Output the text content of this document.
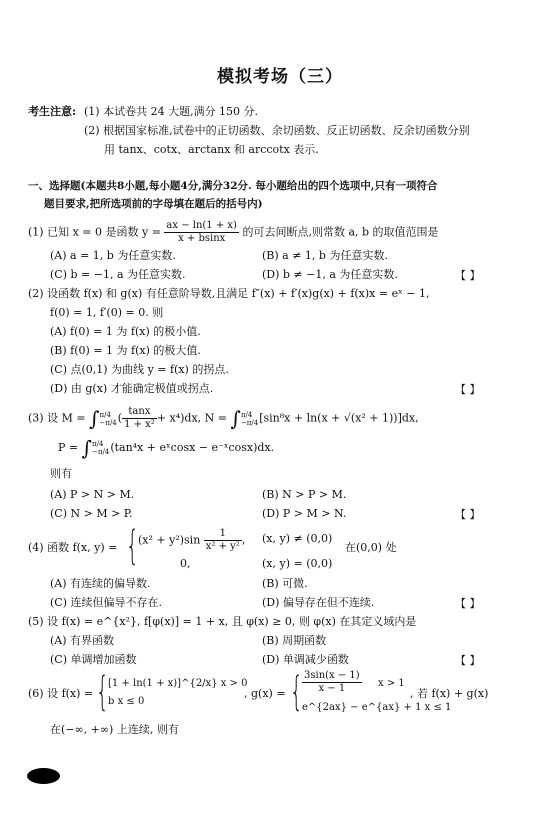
模拟考场（三）
考生注意: (1) 本试卷共 24 大题,满分 150 分.
(2) 根据国家标准,试卷中的正切函数、余切函数、反正切函数、反余切函数分别
用 tanx、cotx、arctanx 和 arccotx 表示.
一、选择题(本题共8小题,每小题4分,满分32分. 每小题给出的四个选项中,只有一项符合
题目要求,把所选项前的字母填在题后的括号内)
(1) 已知 x = 0 是函数 $y = \frac{ax - \ln(1 + x)}{x + bsinx}$ 的可去间断点,则常数 a, b 的取值范围是
(A) a = 1, b 为任意实数.	(B) a ≠ 1, b 为任意实数.
(C) b = −1, a 为任意实数.	(D) b ≠ −1, a 为任意实数.	【 】
(2) 设函数 f(x) 和 g(x) 有任意阶导数,且满足 f″(x) + f′(x)g(x) + f(x)x = eˣ − 1,
f(0) = 1, f′(0) = 0. 则
(A) f(0) = 1 为 f(x) 的极小值.
(B) f(0) = 1 为 f(x) 的极大值.
(C) 点(0,1) 为曲线 y = f(x) 的拐点.
(D) 由 g(x) 才能确定极值或拐点.	【 】
(3) 设 M = ∫π/4
$-\pi/4( \frac{\tan x}{\text{1 + x²}} + x^4)dx$, N = ∫π/4
−π/4[sin⁸x + ln(x + √(x² + 1))]dx,
P = ∫π/4
−π/4(tan⁴x + eˣcosx − e⁻ˣcosx)dx.
则有
(A) P > N > M.	(B) N > P > M.
(C) N > M > P.	(D) P > M > N.	【 】
(4) 函数 f(x, y) = { $(x^2 + y^2)\sin \frac{1}{\text{x² + y²}}$ , (x, y) ≠ (0,0)
0,	(x, y) = (0,0)
在(0,0) 处
(A) 有连续的偏导数.	(B) 可微.
(C) 连续但偏导不存在.	(D) 偏导存在但不连续.	【 】
(5) 设 f(x) = e^{x²}, f[φ(x)] = 1 + x, 且 φ(x) ≥ 0, 则 φ(x) 在其定义域内是
(A) 有界函数	(B) 周期函数
(C) 单调增加函数	(D) 单调减少函数	【 】
(6) 设 f(x) = { [1 + ln(1 + x)]^{2/x} x > 0
b x ≤ 0
, g(x) = { $\frac{3\sin(x - 1)}{x - 1}$ x > 1
e^{2ax} − e^{ax} + 1 x ≤ 1
, 若 f(x) + g(x)
在(−∞, +∞) 上连续, 则有
